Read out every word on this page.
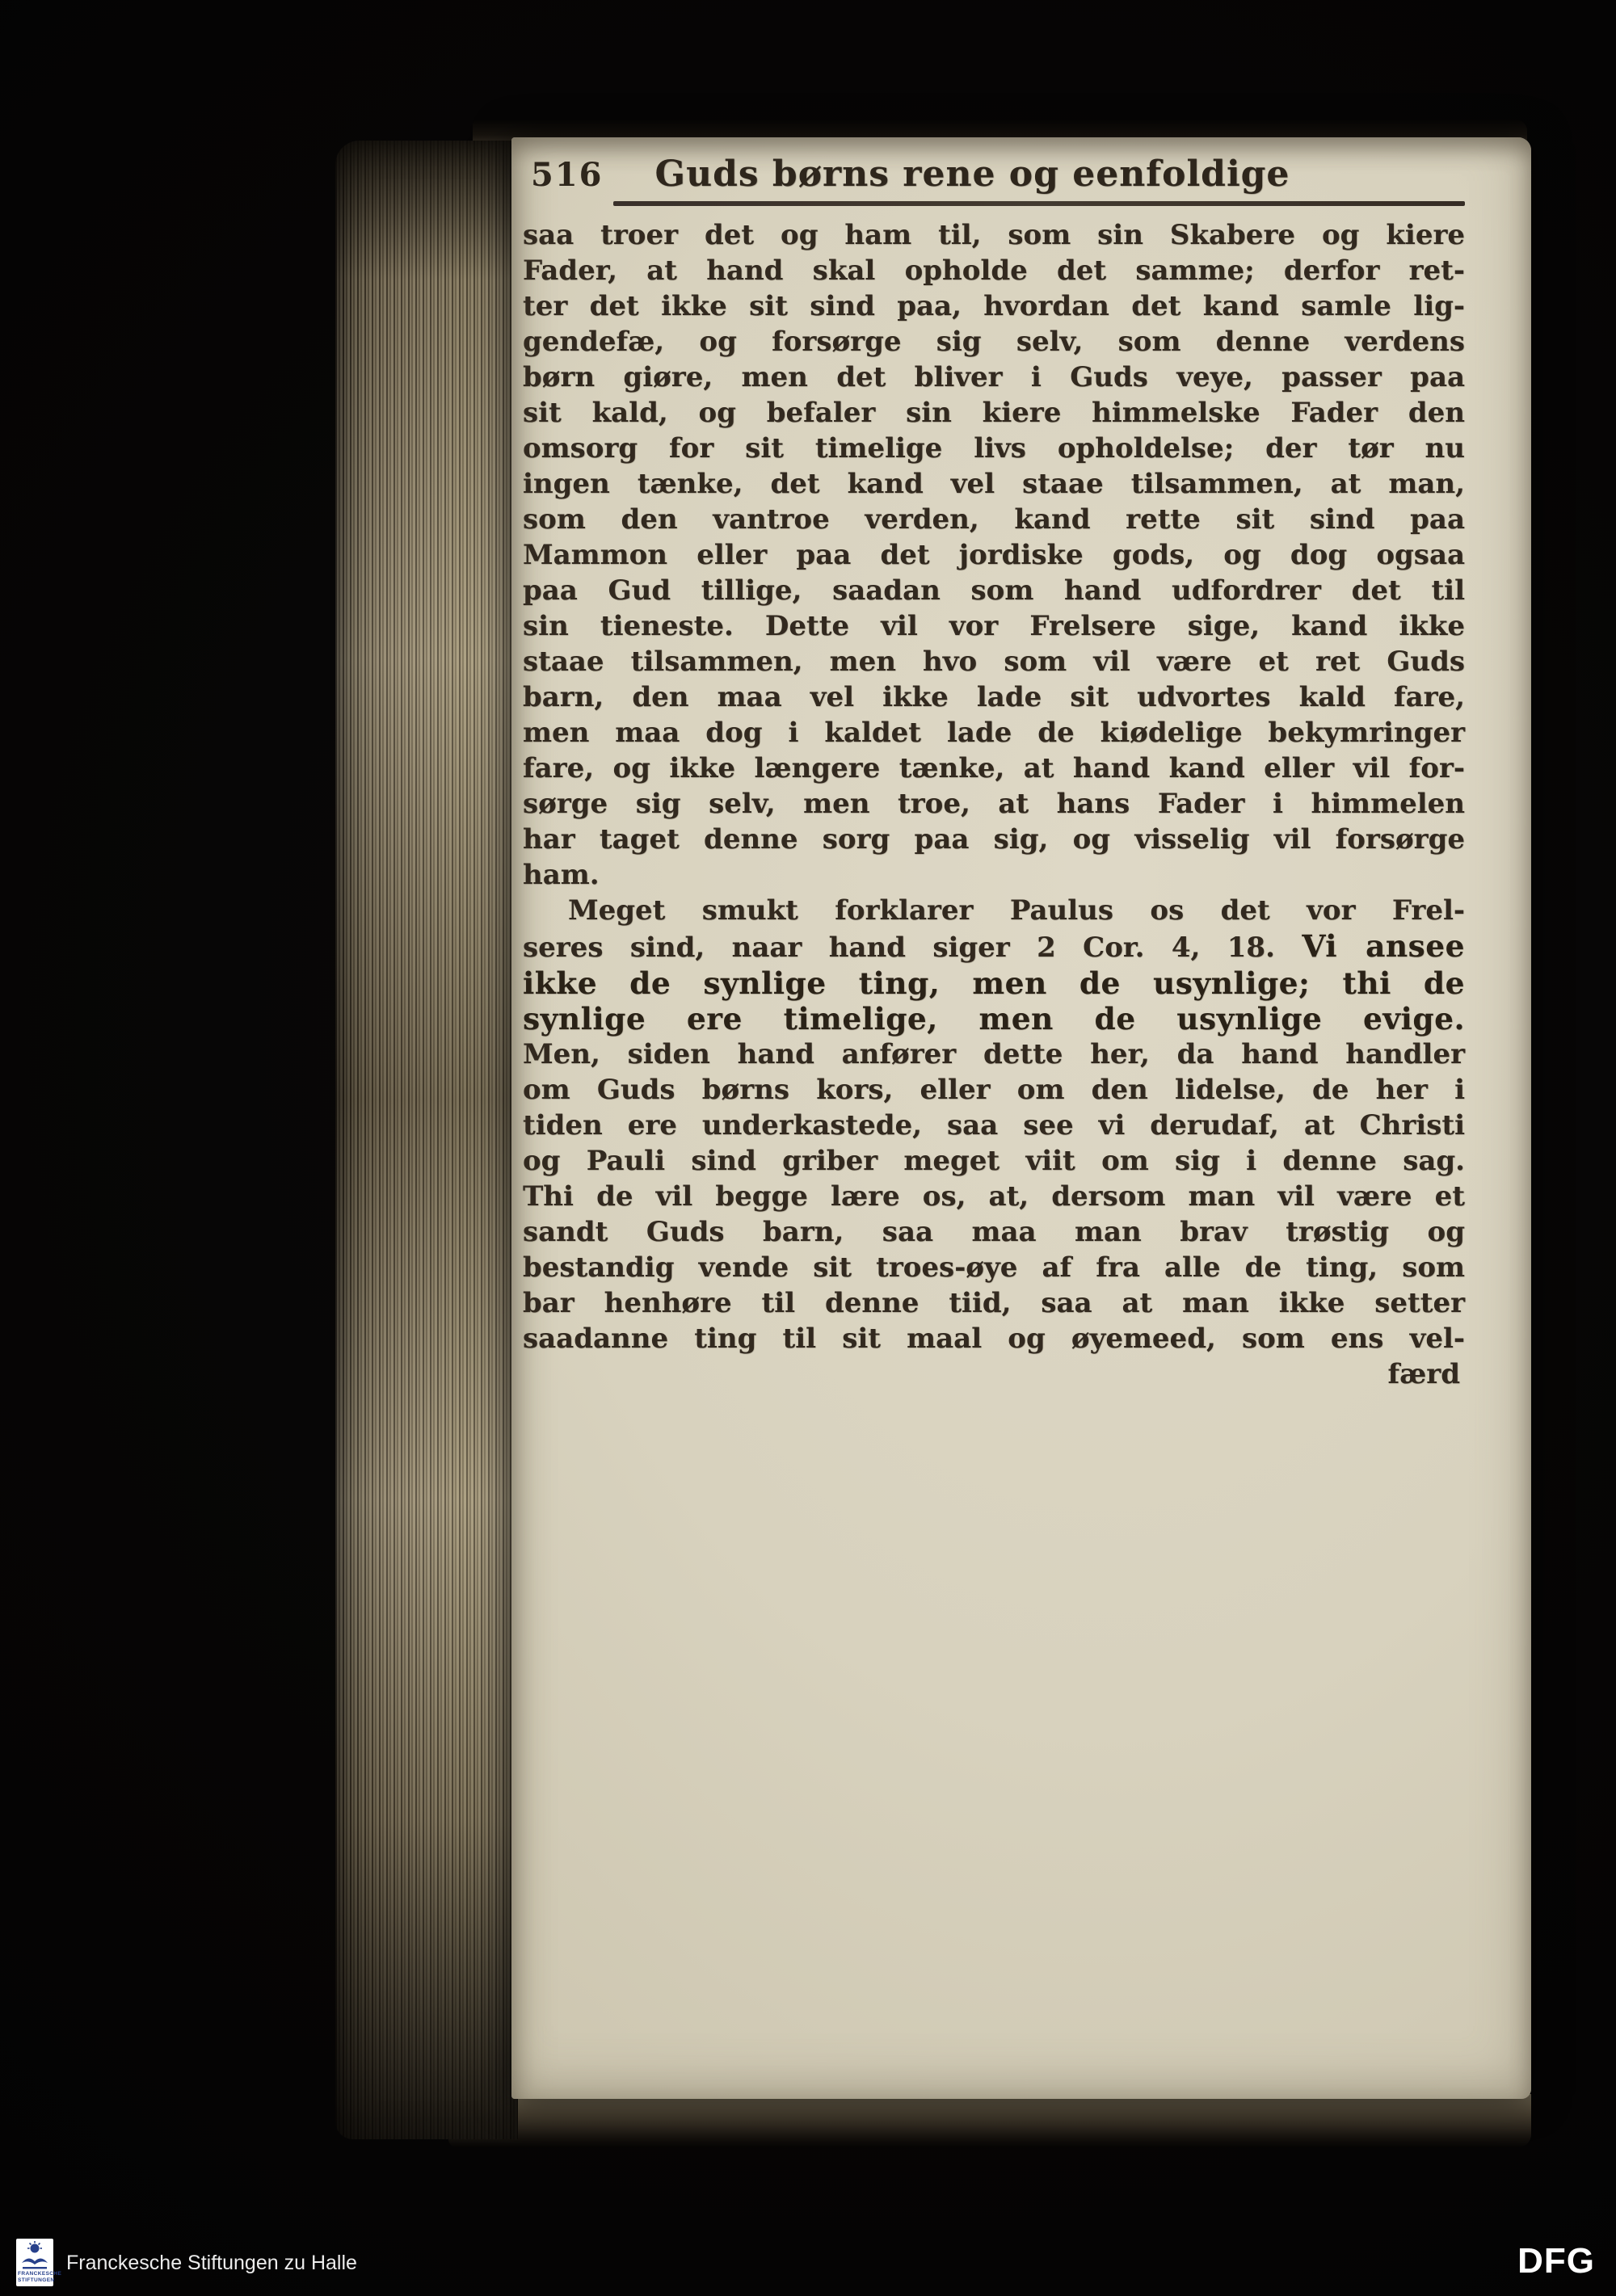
516 Guds børns rene og eenfoldige
saa troer det og ham til, som sin Skabere og kiere
Fader, at hand skal opholde det samme; derfor ret-
ter det ikke sit sind paa, hvordan det kand samle lig-
gendefæ, og forsørge sig selv, som denne verdens
børn giøre, men det bliver i Guds veye, passer paa
sit kald, og befaler sin kiere himmelske Fader den
omsorg for sit timelige livs opholdelse; der tør nu
ingen tænke, det kand vel staae tilsammen, at man,
som den vantroe verden, kand rette sit sind paa
Mammon eller paa det jordiske gods, og dog ogsaa
paa Gud tillige, saadan som hand udfordrer det til
sin tieneste. Dette vil vor Frelsere sige, kand ikke
staae tilsammen, men hvo som vil være et ret Guds
barn, den maa vel ikke lade sit udvortes kald fare,
men maa dog i kaldet lade de kiødelige bekymringer
fare, og ikke længere tænke, at hand kand eller vil for-
sørge sig selv, men troe, at hans Fader i himmelen
har taget denne sorg paa sig, og visselig vil forsørge
ham.
Meget smukt forklarer Paulus os det vor Frel-
seres sind, naar hand siger 2 Cor. 4, 18. Vi ansee
ikke de synlige ting, men de usynlige; thi de
synlige ere timelige, men de usynlige evige.
Men, siden hand anfører dette her, da hand handler
om Guds børns kors, eller om den lidelse, de her i
tiden ere underkastede, saa see vi derudaf, at Christi
og Pauli sind griber meget viit om sig i denne sag.
Thi de vil begge lære os, at, dersom man vil være et
sandt Guds barn, saa maa man brav trøstig og
bestandig vende sit troes-øye af fra alle de ting, som
bar henhøre til denne tiid, saa at man ikke setter
saadanne ting til sit maal og øyemeed, som ens vel-
færd
FRANCKESCHE
STIFTUNGEN
Franckesche Stiftungen zu Halle	DFG
